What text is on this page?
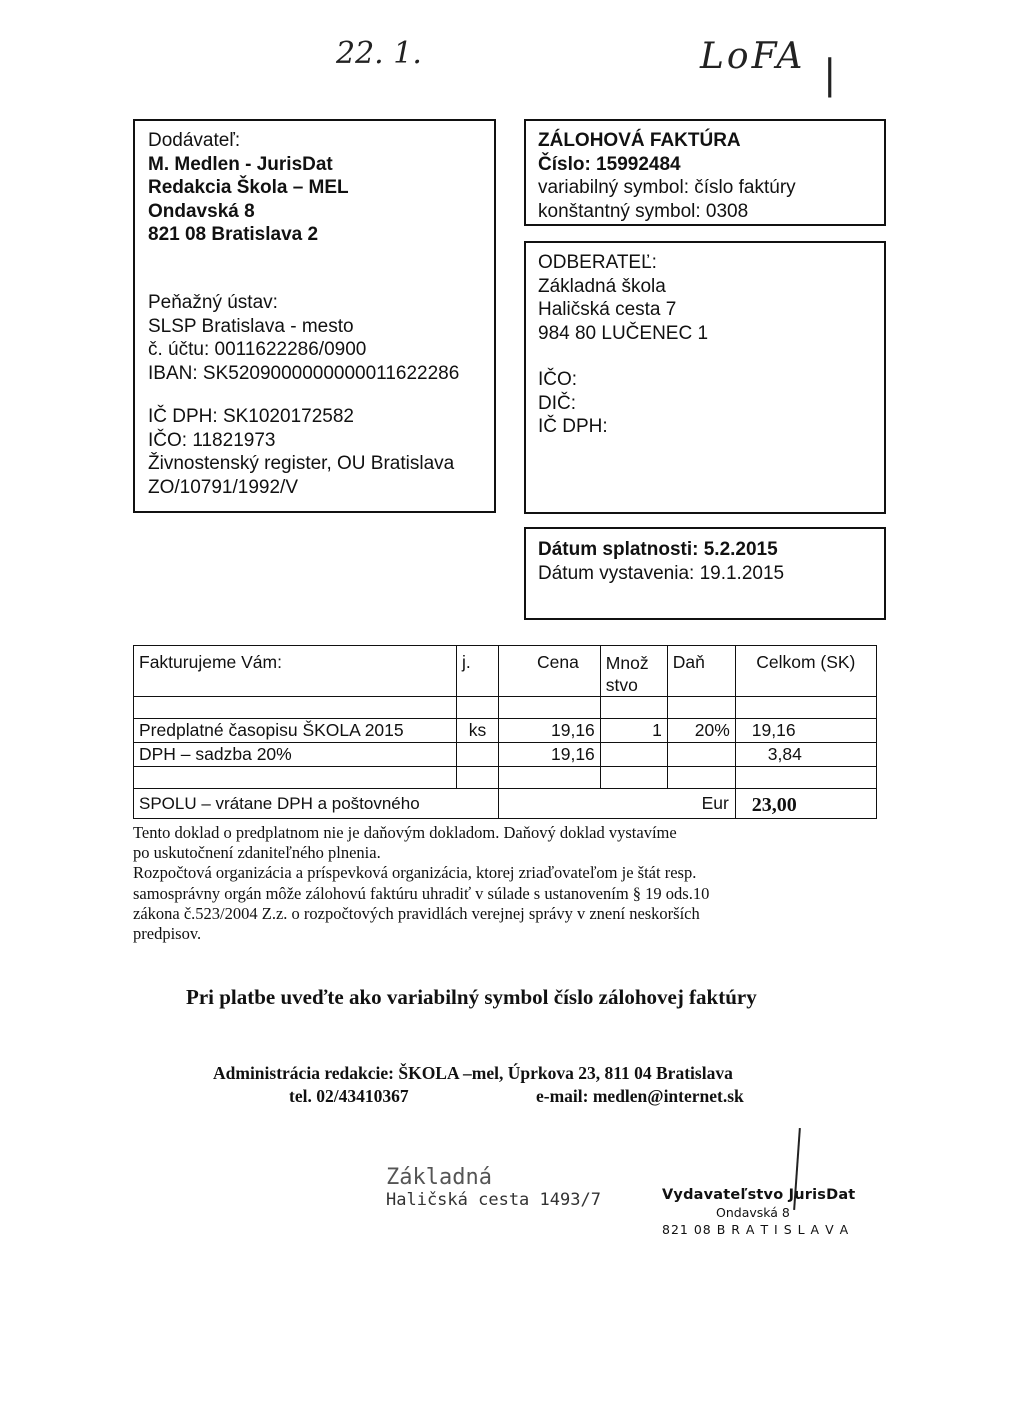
22. 1.	LoFA |
Dodávateľ:
M. Medlen - JurisDat
Redakcia Škola – MEL
Ondavská 8
821 08 Bratislava 2
Peňažný ústav:
SLSP Bratislava - mesto
č. účtu: 0011622286/0900
IBAN: SK5209000000000011622286
IČ DPH: SK1020172582
IČO: 11821973
Živnostenský register, OU Bratislava
ZO/10791/1992/V
ZÁLOHOVÁ FAKTÚRA
Číslo: 15992484
variabilný symbol: číslo faktúry
konštantný symbol: 0308
ODBERATEĽ:
Základná škola
Haličská cesta 7
984 80 LUČENEC 1
IČO:
DIČ:
IČ DPH:
Dátum splatnosti: 5.2.2015
Dátum vystavenia: 19.1.2015
Fakturujeme Vám:	j.	Cena	Množ stvo	Daň	Celkom (SK)

Predplatné časopisu ŠKOLA 2015	ks	19,16	1	20%	19,16
DPH – sadzba 20%		19,16			3,84

SPOLU – vrátane DPH a poštovného		Eur			23,00

Tento doklad o predplatnom nie je daňovým dokladom. Daňový doklad vystavíme

po uskutočnení zdaniteľného plnenia.

Rozpočtová organizácia a príspevková organizácia, ktorej zriaďovateľom je štát resp.

samosprávny orgán môže zálohovú faktúru uhradiť v súlade s ustanovením § 19 ods.10

zákona č.523/2004 Z.z. o rozpočtových pravidlách verejnej správy v znení neskorších

predpisov.

Pri platbe uveďte ako variabilný symbol číslo zálohovej faktúry
Administrácia redakcie: ŠKOLA –mel, Úprkova 23, 811 04 Bratislava
tel. 02/43410367	e-mail: medlen@internet.sk
Základná
Haličská cesta 1493/7	Vydavateľstvo JurisDat
Ondavská 8
821 08 B R A T I S L A V A
